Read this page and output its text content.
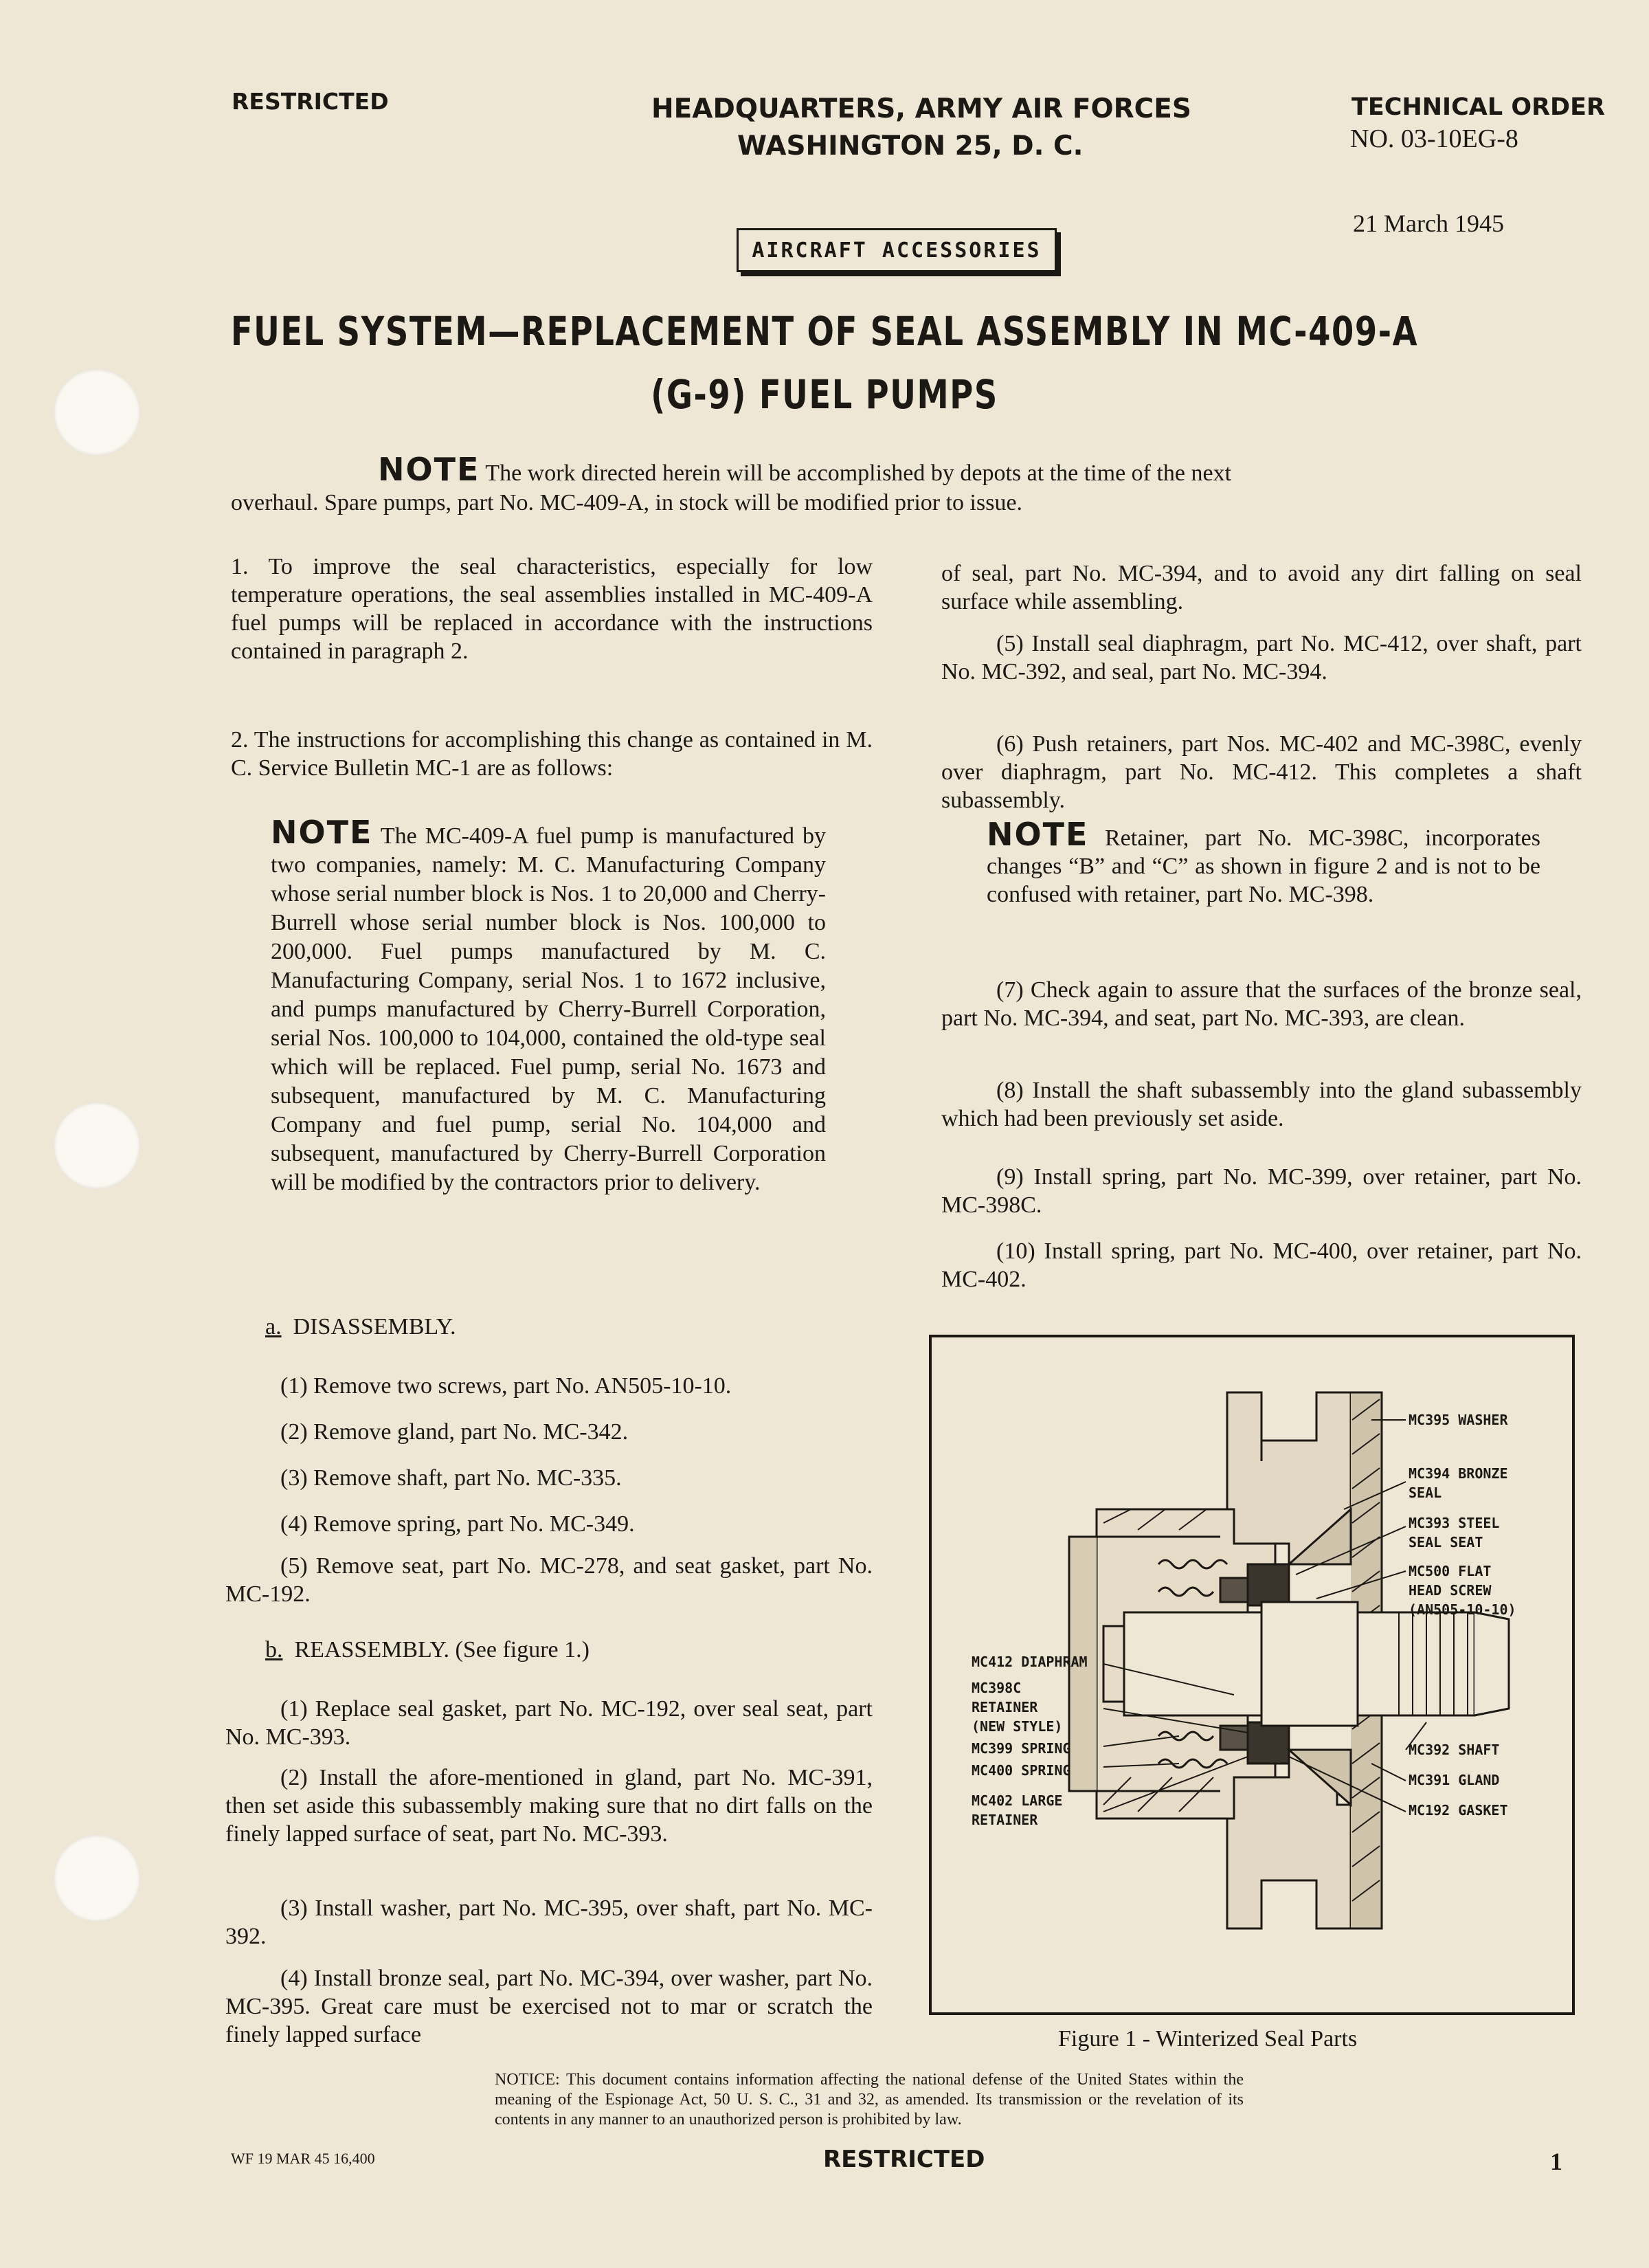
RESTRICTED	HEADQUARTERS, ARMY AIR FORCES
WASHINGTON 25, D. C.
TECHNICAL ORDER
NO. 03-10EG-8
21 March 1945
AIRCRAFT ACCESSORIES
FUEL SYSTEM—REPLACEMENT OF SEAL ASSEMBLY IN MC-409-A
(G-9) FUEL PUMPS
NOTE The work directed herein will be accomplished by depots at the time of the next
overhaul. Spare pumps, part No. MC-409-A, in stock will be modified prior to issue.

1. To improve the seal characteristics, especially for low temperature operations, the seal assemblies installed in MC-409-A fuel pumps will be replaced in accordance with the instructions contained in paragraph 2.

2. The instructions for accomplishing this change as contained in M. C. Service Bulletin MC-1 are as follows:

NOTE The MC-409-A fuel pump is manufactured by two companies, namely: M. C. Manufacturing Company whose serial number block is Nos. 1 to 20,000 and Cherry-Burrell whose serial number block is Nos. 100,000 to 200,000. Fuel pumps manufactured by M. C. Manufacturing Company, serial Nos. 1 to 1672 inclusive, and pumps manufactured by Cherry-Burrell Corporation, serial Nos. 100,000 to 104,000, contained the old-type seal which will be replaced. Fuel pump, serial No. 1673 and subsequent, manufactured by M. C. Manufacturing Company and fuel pump, serial No. 104,000 and subsequent, manufactured by Cherry-Burrell Corporation will be modified by the contractors prior to delivery.

a. DISASSEMBLY.

(1) Remove two screws, part No. AN505-10-10.

(2) Remove gland, part No. MC-342.

(3) Remove shaft, part No. MC-335.

(4) Remove spring, part No. MC-349.

(5) Remove seat, part No. MC-278, and seat gasket, part No. MC-192.

b. REASSEMBLY. (See figure 1.)

(1) Replace seal gasket, part No. MC-192, over seal seat, part No. MC-393.

(2) Install the afore-mentioned in gland, part No. MC-391, then set aside this subassembly making sure that no dirt falls on the finely lapped surface of seat, part No. MC-393.

(3) Install washer, part No. MC-395, over shaft, part No. MC-392.

(4) Install bronze seal, part No. MC-394, over washer, part No. MC-395. Great care must be exercised not to mar or scratch the finely lapped surface

of seal, part No. MC-394, and to avoid any dirt falling on seal surface while assembling.

(5) Install seal diaphragm, part No. MC-412, over shaft, part No. MC-392, and seal, part No. MC-394.

(6) Push retainers, part Nos. MC-402 and MC-398C, evenly over diaphragm, part No. MC-412. This completes a shaft subassembly.

NOTE Retainer, part No. MC-398C, incorporates changes “B” and “C” as shown in figure 2 and is not to be confused with retainer, part No. MC-398.

(7) Check again to assure that the surfaces of the bronze seal, part No. MC-394, and seat, part No. MC-393, are clean.

(8) Install the shaft subassembly into the gland subassembly which had been previously set aside.

(9) Install spring, part No. MC-399, over retainer, part No. MC-398C.

(10) Install spring, part No. MC-400, over retainer, part No. MC-402.

MC395 WASHER
MC394 BRONZE
SEAL
MC393 STEEL
SEAL SEAT
MC500 FLAT
HEAD SCREW
(AN505-10-10)
MC392 SHAFT
MC391 GLAND
MC192 GASKET
MC412 DIAPHRAM
MC398C
RETAINER
(NEW STYLE)
MC399 SPRING
MC400 SPRING
MC402 LARGE
RETAINER
Figure 1 - Winterized Seal Parts

NOTICE: This document contains information affecting the national defense of the United States within the meaning of the Espionage Act, 50 U. S. C., 31 and 32, as amended. Its transmission or the revelation of its contents in any manner to an unauthorized person is prohibited by law.

WF 19 MAR 45 16,400	RESTRICTED	1
